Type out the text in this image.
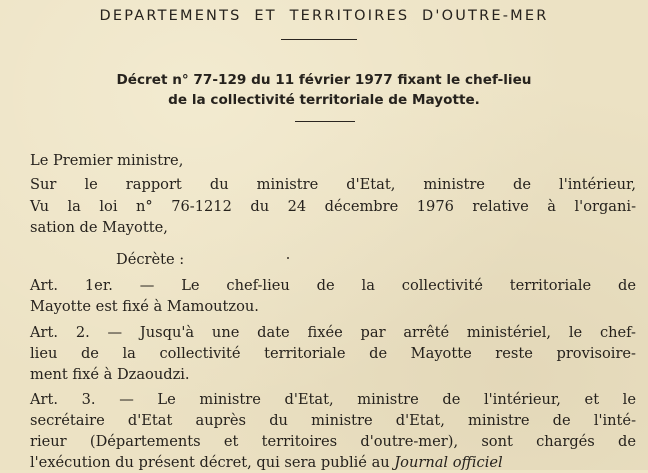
DEPARTEMENTS ET TERRITOIRES D'OUTRE-MER
Décret n° 77-129 du 11 février 1977 fixant le chef-lieu
de la collectivité territoriale de Mayotte.
Le Premier ministre,
Sur le rapport du ministre d'Etat, ministre de l'intérieur,
Vu la loi n° 76-1212 du 24 décembre 1976 relative à l'organi-
sation de Mayotte,
Décrète :
Art. 1er. — Le chef-lieu de la collectivité territoriale de
Mayotte est fixé à Mamoutzou.
Art. 2. — Jusqu'à une date fixée par arrêté ministériel, le chef-
lieu de la collectivité territoriale de Mayotte reste provisoire-
ment fixé à Dzaoudzi.
Art. 3. — Le ministre d'Etat, ministre de l'intérieur, et le
secrétaire d'Etat auprès du ministre d'Etat, ministre de l'inté-
rieur (Départements et territoires d'outre-mer), sont chargés de
l'exécution du présent décret, qui sera publié au Journal officiel
